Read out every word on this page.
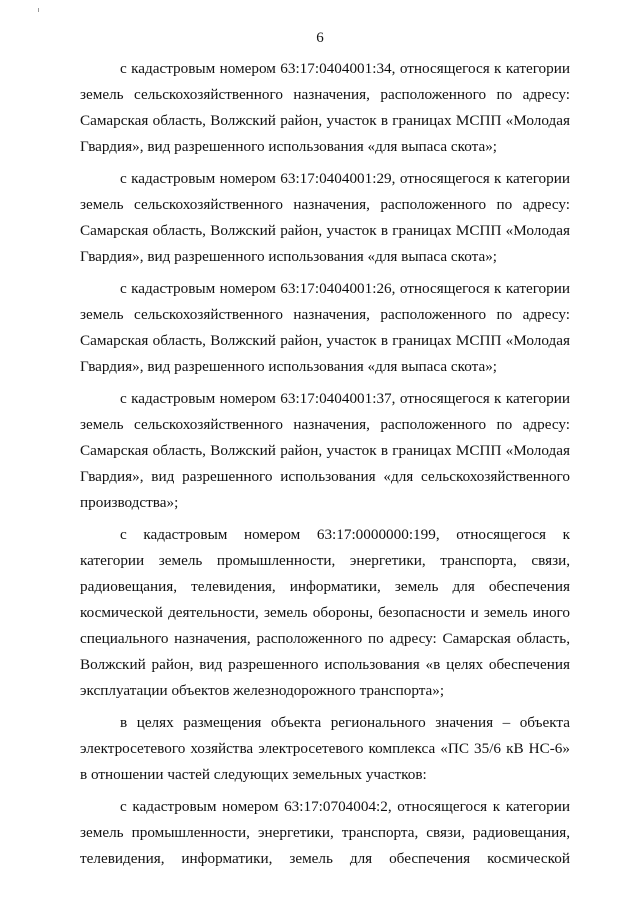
6
с кадастровым номером 63:17:0404001:34, относящегося к категории
земель сельскохозяйственного назначения, расположенного по адресу:
Самарская область, Волжский район, участок в границах МСПП «Молодая
Гвардия», вид разрешенного использования «для выпаса скота»;
с кадастровым номером 63:17:0404001:29, относящегося к категории
земель сельскохозяйственного назначения, расположенного по адресу:
Самарская область, Волжский район, участок в границах МСПП «Молодая
Гвардия», вид разрешенного использования «для выпаса скота»;
с кадастровым номером 63:17:0404001:26, относящегося к категории
земель сельскохозяйственного назначения, расположенного по адресу:
Самарская область, Волжский район, участок в границах МСПП «Молодая
Гвардия», вид разрешенного использования «для выпаса скота»;
с кадастровым номером 63:17:0404001:37, относящегося к категории
земель сельскохозяйственного назначения, расположенного по адресу:
Самарская область, Волжский район, участок в границах МСПП «Молодая
Гвардия», вид разрешенного использования «для сельскохозяйственного
производства»;
с кадастровым номером 63:17:0000000:199, относящегося к
категории земель промышленности, энергетики, транспорта, связи,
радиовещания, телевидения, информатики, земель для обеспечения
космической деятельности, земель обороны, безопасности и земель иного
специального назначения, расположенного по адресу: Самарская область,
Волжский район, вид разрешенного использования «в целях обеспечения
эксплуатации объектов железнодорожного транспорта»;
в целях размещения объекта регионального значения – объекта
электросетевого хозяйства электросетевого комплекса «ПС 35/6 кВ НС-6»
в отношении частей следующих земельных участков:
с кадастровым номером 63:17:0704004:2, относящегося к категории
земель промышленности, энергетики, транспорта, связи, радиовещания,
телевидения, информатики, земель для обеспечения космической
